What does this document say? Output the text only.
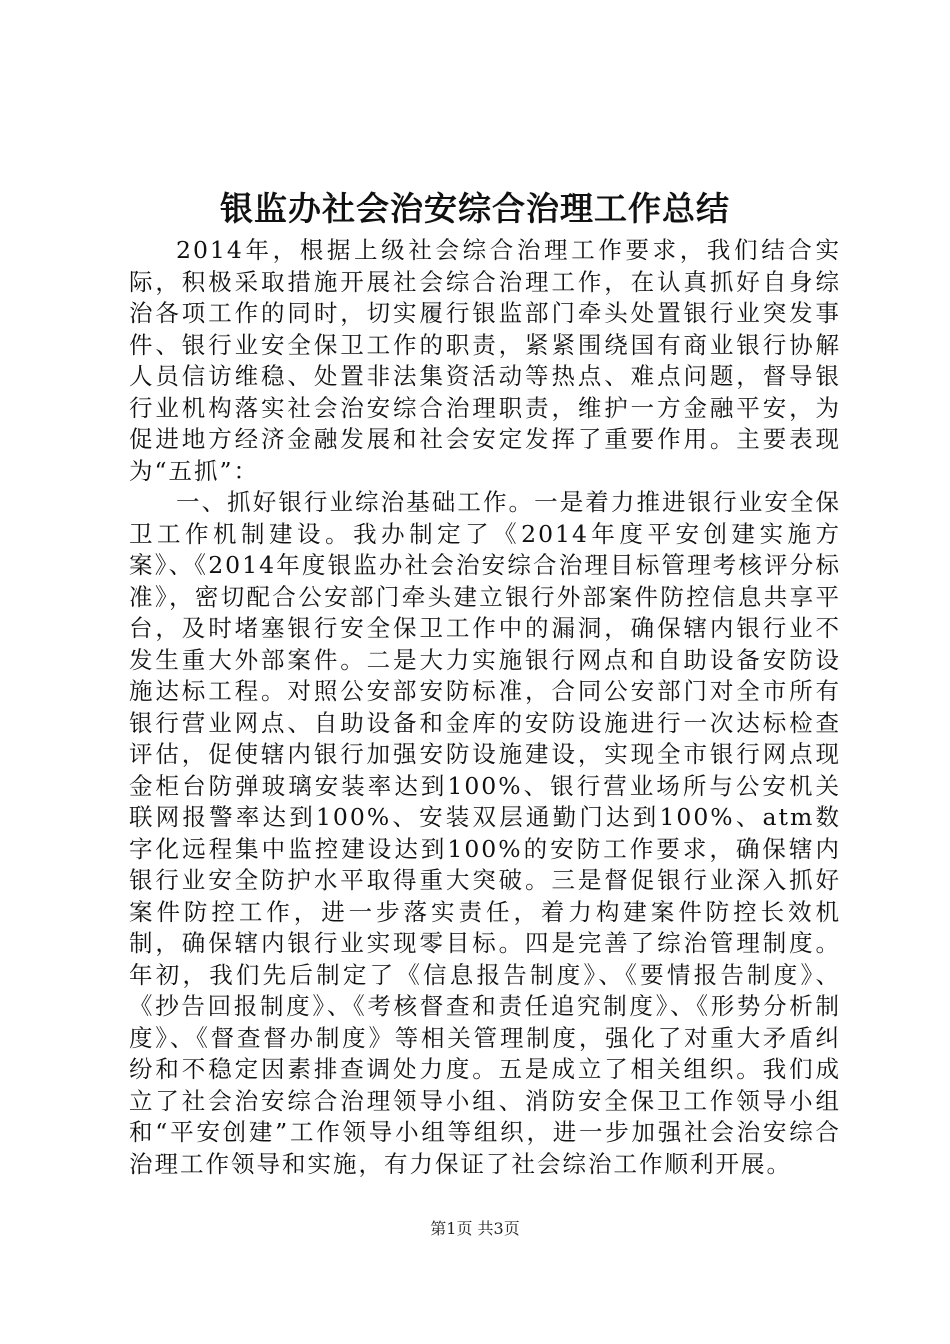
银监办社会治安综合治理工作总结

2014年，根据上级社会综合治理工作要求，我们结合实际，积极采取措施开展社会综合治理工作，在认真抓好自身综治各项工作的同时，切实履行银监部门牵头处置银行业突发事件、银行业安全保卫工作的职责，紧紧围绕国有商业银行协解人员信访维稳、处置非法集资活动等热点、难点问题，督导银行业机构落实社会治安综合治理职责，维护一方金融平安，为促进地方经济金融发展和社会安定发挥了重要作用。主要表现为“五抓”：

一、抓好银行业综治基础工作。一是着力推进银行业安全保卫工作机制建设。我办制定了《2014年度平安创建实施方案》、《2014年度银监办社会治安综合治理目标管理考核评分标准》，密切配合公安部门牵头建立银行外部案件防控信息共享平台，及时堵塞银行安全保卫工作中的漏洞，确保辖内银行业不发生重大外部案件。二是大力实施银行网点和自助设备安防设施达标工程。对照公安部安防标准，合同公安部门对全市所有银行营业网点、自助设备和金库的安防设施进行一次达标检查评估，促使辖内银行加强安防设施建设，实现全市银行网点现金柜台防弹玻璃安装率达到100%、银行营业场所与公安机关联网报警率达到100%、安装双层通勤门达到100%、atm数字化远程集中监控建设达到100%的安防工作要求，确保辖内银行业安全防护水平取得重大突破。三是督促银行业深入抓好案件防控工作，进一步落实责任，着力构建案件防控长效机制，确保辖内银行业实现零目标。四是完善了综治管理制度。年初，我们先后制定了《信息报告制度》、《要情报告制度》、《抄告回报制度》、《考核督查和责任追究制度》、《形势分析制度》、《督查督办制度》等相关管理制度，强化了对重大矛盾纠纷和不稳定因素排查调处力度。五是成立了相关组织。我们成立了社会治安综合治理领导小组、消防安全保卫工作领导小组和“平安创建”工作领导小组等组织，进一步加强社会治安综合治理工作领导和实施，有力保证了社会综治工作顺利开展。

第1页 共3页
